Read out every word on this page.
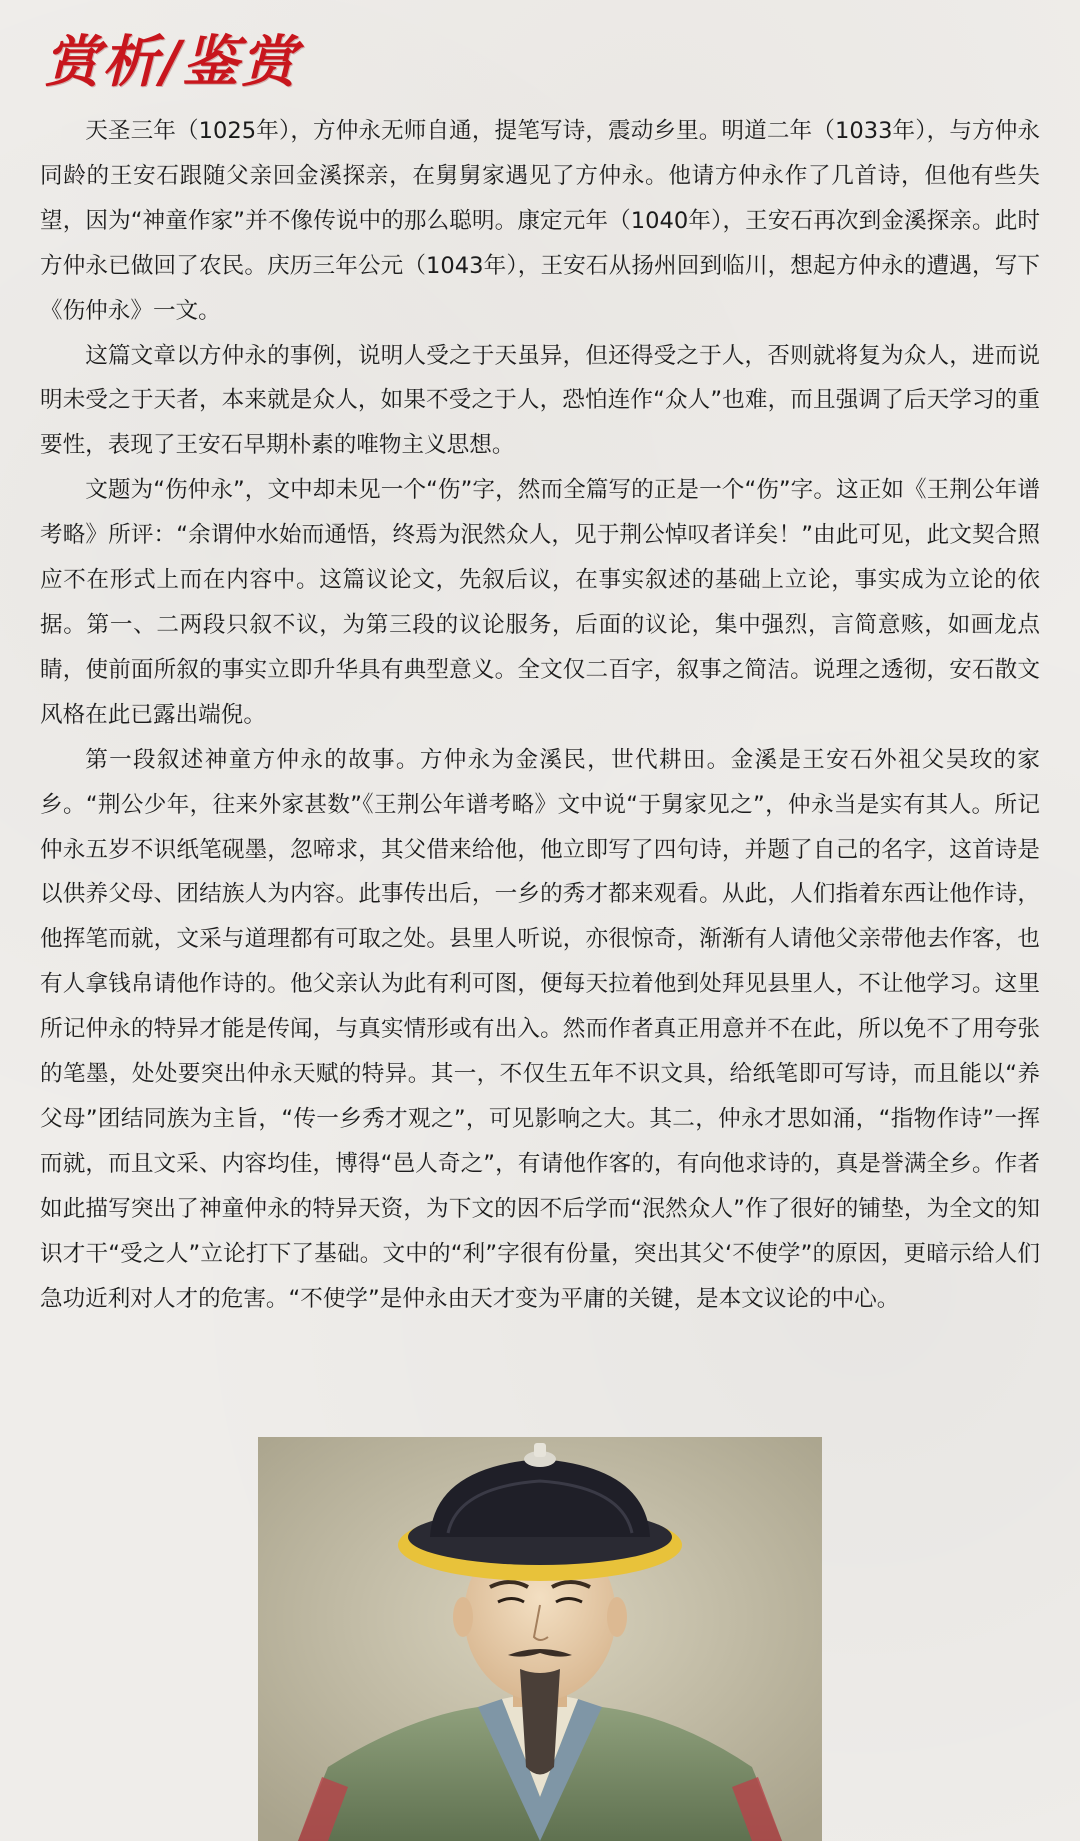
赏析/鉴赏

天圣三年（1025年），方仲永无师自通，提笔写诗，震动乡里。明道二年（1033年），与方仲永同龄的王安石跟随父亲回金溪探亲，在舅舅家遇见了方仲永。他请方仲永作了几首诗，但他有些失望，因为“神童作家”并不像传说中的那么聪明。康定元年（1040年），王安石再次到金溪探亲。此时方仲永已做回了农民。庆历三年公元（1043年），王安石从扬州回到临川，想起方仲永的遭遇，写下《伤仲永》一文。

这篇文章以方仲永的事例，说明人受之于天虽异，但还得受之于人，否则就将复为众人，进而说明未受之于天者，本来就是众人，如果不受之于人，恐怕连作“众人”也难，而且强调了后天学习的重要性，表现了王安石早期朴素的唯物主义思想。

文题为“伤仲永”，文中却未见一个“伤”字，然而全篇写的正是一个“伤”字。这正如《王荆公年谱考略》所评：“余谓仲水始而通悟，终焉为泯然众人，见于荆公悼叹者详矣！”由此可见，此文契合照应不在形式上而在内容中。这篇议论文，先叙后议，在事实叙述的基础上立论，事实成为立论的依据。第一、二两段只叙不议，为第三段的议论服务，后面的议论，集中强烈，言简意赅，如画龙点睛，使前面所叙的事实立即升华具有典型意义。全文仅二百字，叙事之简洁。说理之透彻，安石散文风格在此已露出端倪。

第一段叙述神童方仲永的故事。方仲永为金溪民，世代耕田。金溪是王安石外祖父吴玫的家乡。“荆公少年，往来外家甚数”《王荆公年谱考略》文中说“于舅家见之”，仲永当是实有其人。所记仲永五岁不识纸笔砚墨，忽啼求，其父借来给他，他立即写了四句诗，并题了自己的名字，这首诗是以供养父母、团结族人为内容。此事传出后，一乡的秀才都来观看。从此，人们指着东西让他作诗，他挥笔而就，文采与道理都有可取之处。县里人听说，亦很惊奇，渐渐有人请他父亲带他去作客，也有人拿钱帛请他作诗的。他父亲认为此有利可图，便每天拉着他到处拜见县里人，不让他学习。这里所记仲永的特异才能是传闻，与真实情形或有出入。然而作者真正用意并不在此，所以免不了用夸张的笔墨，处处要突出仲永天赋的特异。其一，不仅生五年不识文具，给纸笔即可写诗，而且能以“养父母”团结同族为主旨，“传一乡秀才观之”，可见影响之大。其二，仲永才思如涌，“指物作诗”一挥而就，而且文采、内容均佳，博得“邑人奇之”，有请他作客的，有向他求诗的，真是誉满全乡。作者如此描写突出了神童仲永的特异天资，为下文的因不后学而“泯然众人”作了很好的铺垫，为全文的知识才干“受之人”立论打下了基础。文中的“利”字很有份量，突出其父‘不使学”的原因，更暗示给人们急功近利对人才的危害。“不使学”是仲永由天才变为平庸的关键，是本文议论的中心。
